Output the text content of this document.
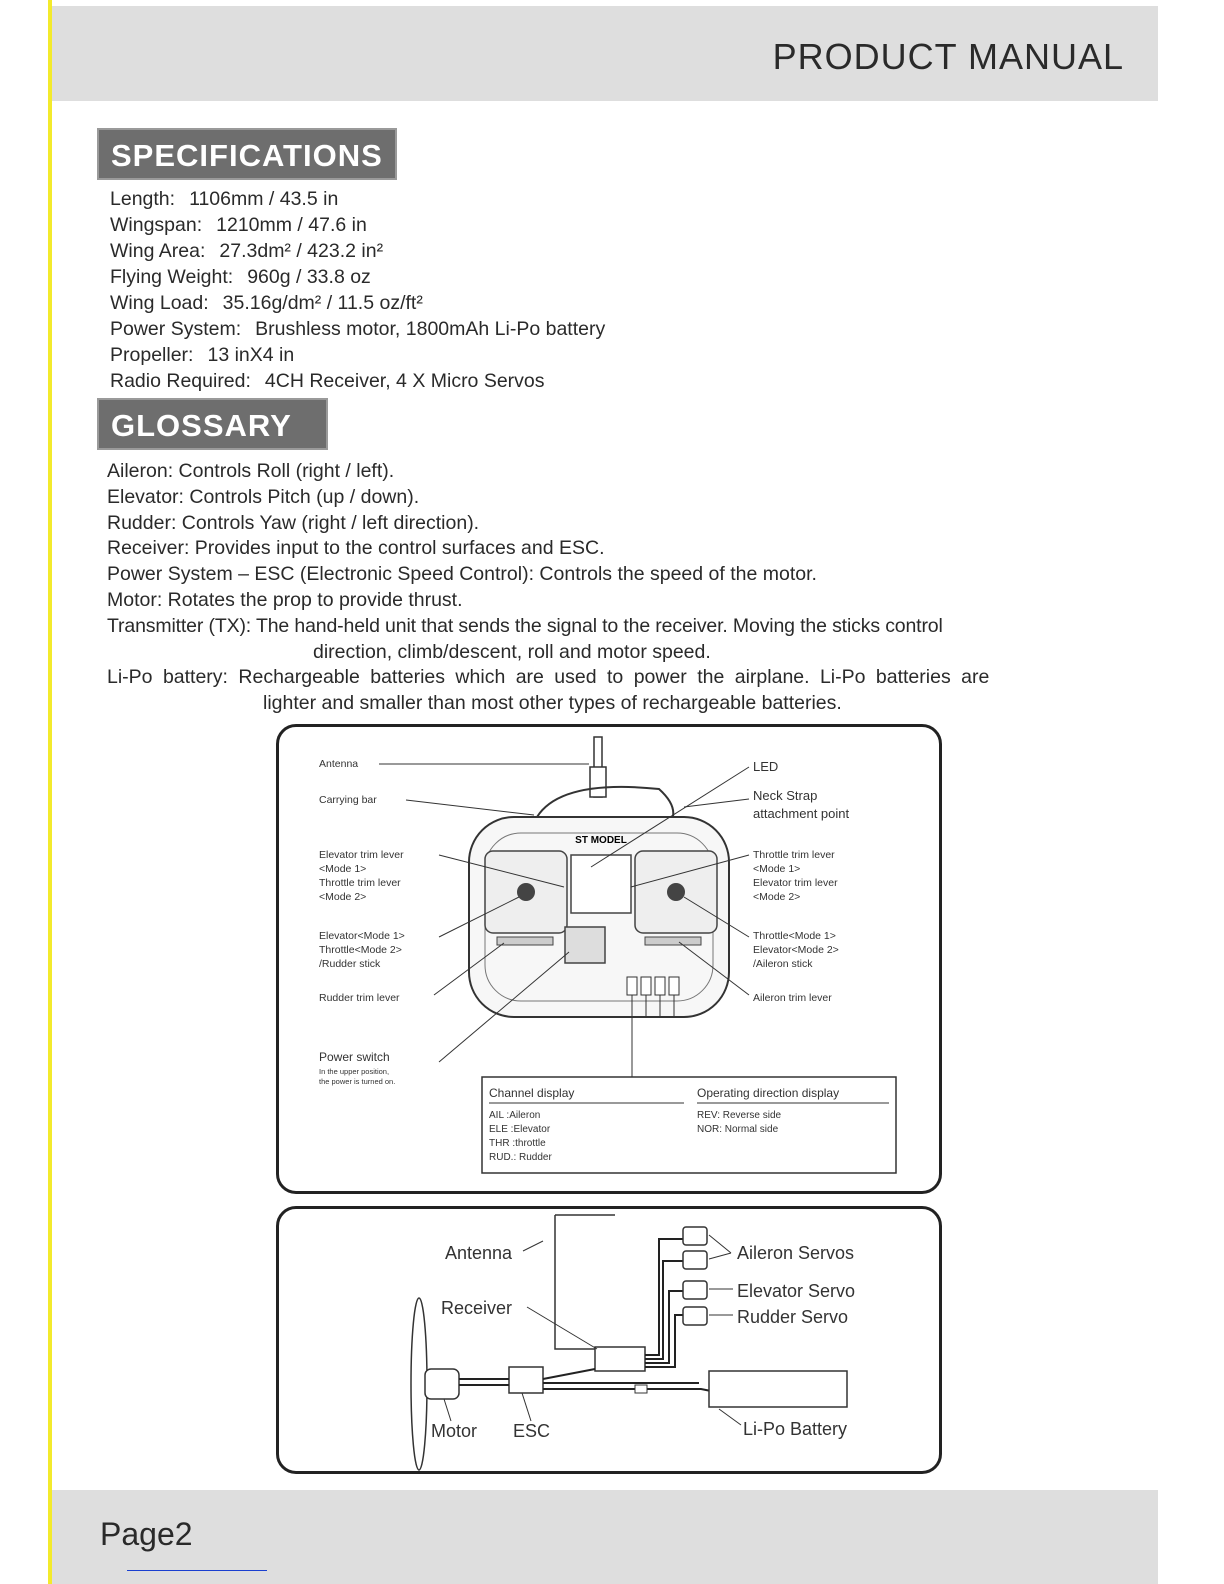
PRODUCT MANUAL
SPECIFICATIONS
Length: 1106mm / 43.5 in
Wingspan: 1210mm / 47.6 in
Wing Area: 27.3dm² / 423.2 in²
Flying Weight: 960g / 33.8 oz
Wing Load: 35.16g/dm² / 11.5 oz/ft²
Power System: Brushless motor, 1800mAh Li-Po battery
Propeller: 13 inX4 in
Radio Required: 4CH Receiver, 4 X Micro Servos
GLOSSARY
Aileron: Controls Roll (right / left).
Elevator: Controls Pitch (up / down).
Rudder: Controls Yaw (right / left direction).
Receiver: Provides input to the control surfaces and ESC.
Power System – ESC (Electronic Speed Control): Controls the speed of the motor.
Motor: Rotates the prop to provide thrust.
Transmitter (TX): The hand-held unit that sends the signal to the receiver. Moving the sticks control
direction, climb/descent, roll and motor speed.
Li-Po battery: Rechargeable batteries which are used to power the airplane. Li-Po batteries are
lighter and smaller than most other types of rechargeable batteries.
ST MODEL
Antenna
Carrying bar
Elevator trim lever
<Mode 1>
Throttle trim lever
<Mode 2>
Elevator<Mode 1>
Throttle<Mode 2>
/Rudder stick
Rudder trim lever
Power switch
In the upper position,
the power is turned on.
LED
Neck Strap
attachment point
Throttle trim lever
<Mode 1>
Elevator trim lever
<Mode 2>
Throttle<Mode 1>
Elevator<Mode 2>
/Aileron stick
Aileron trim lever
Channel display
AIL :Aileron
ELE :Elevator
THR :throttle
RUD.: Rudder
Operating direction display
REV: Reverse side
NOR: Normal side
Antenna
Receiver
Aileron Servos
Elevator Servo
Rudder Servo
Motor ESC	Li-Po Battery
Page2
